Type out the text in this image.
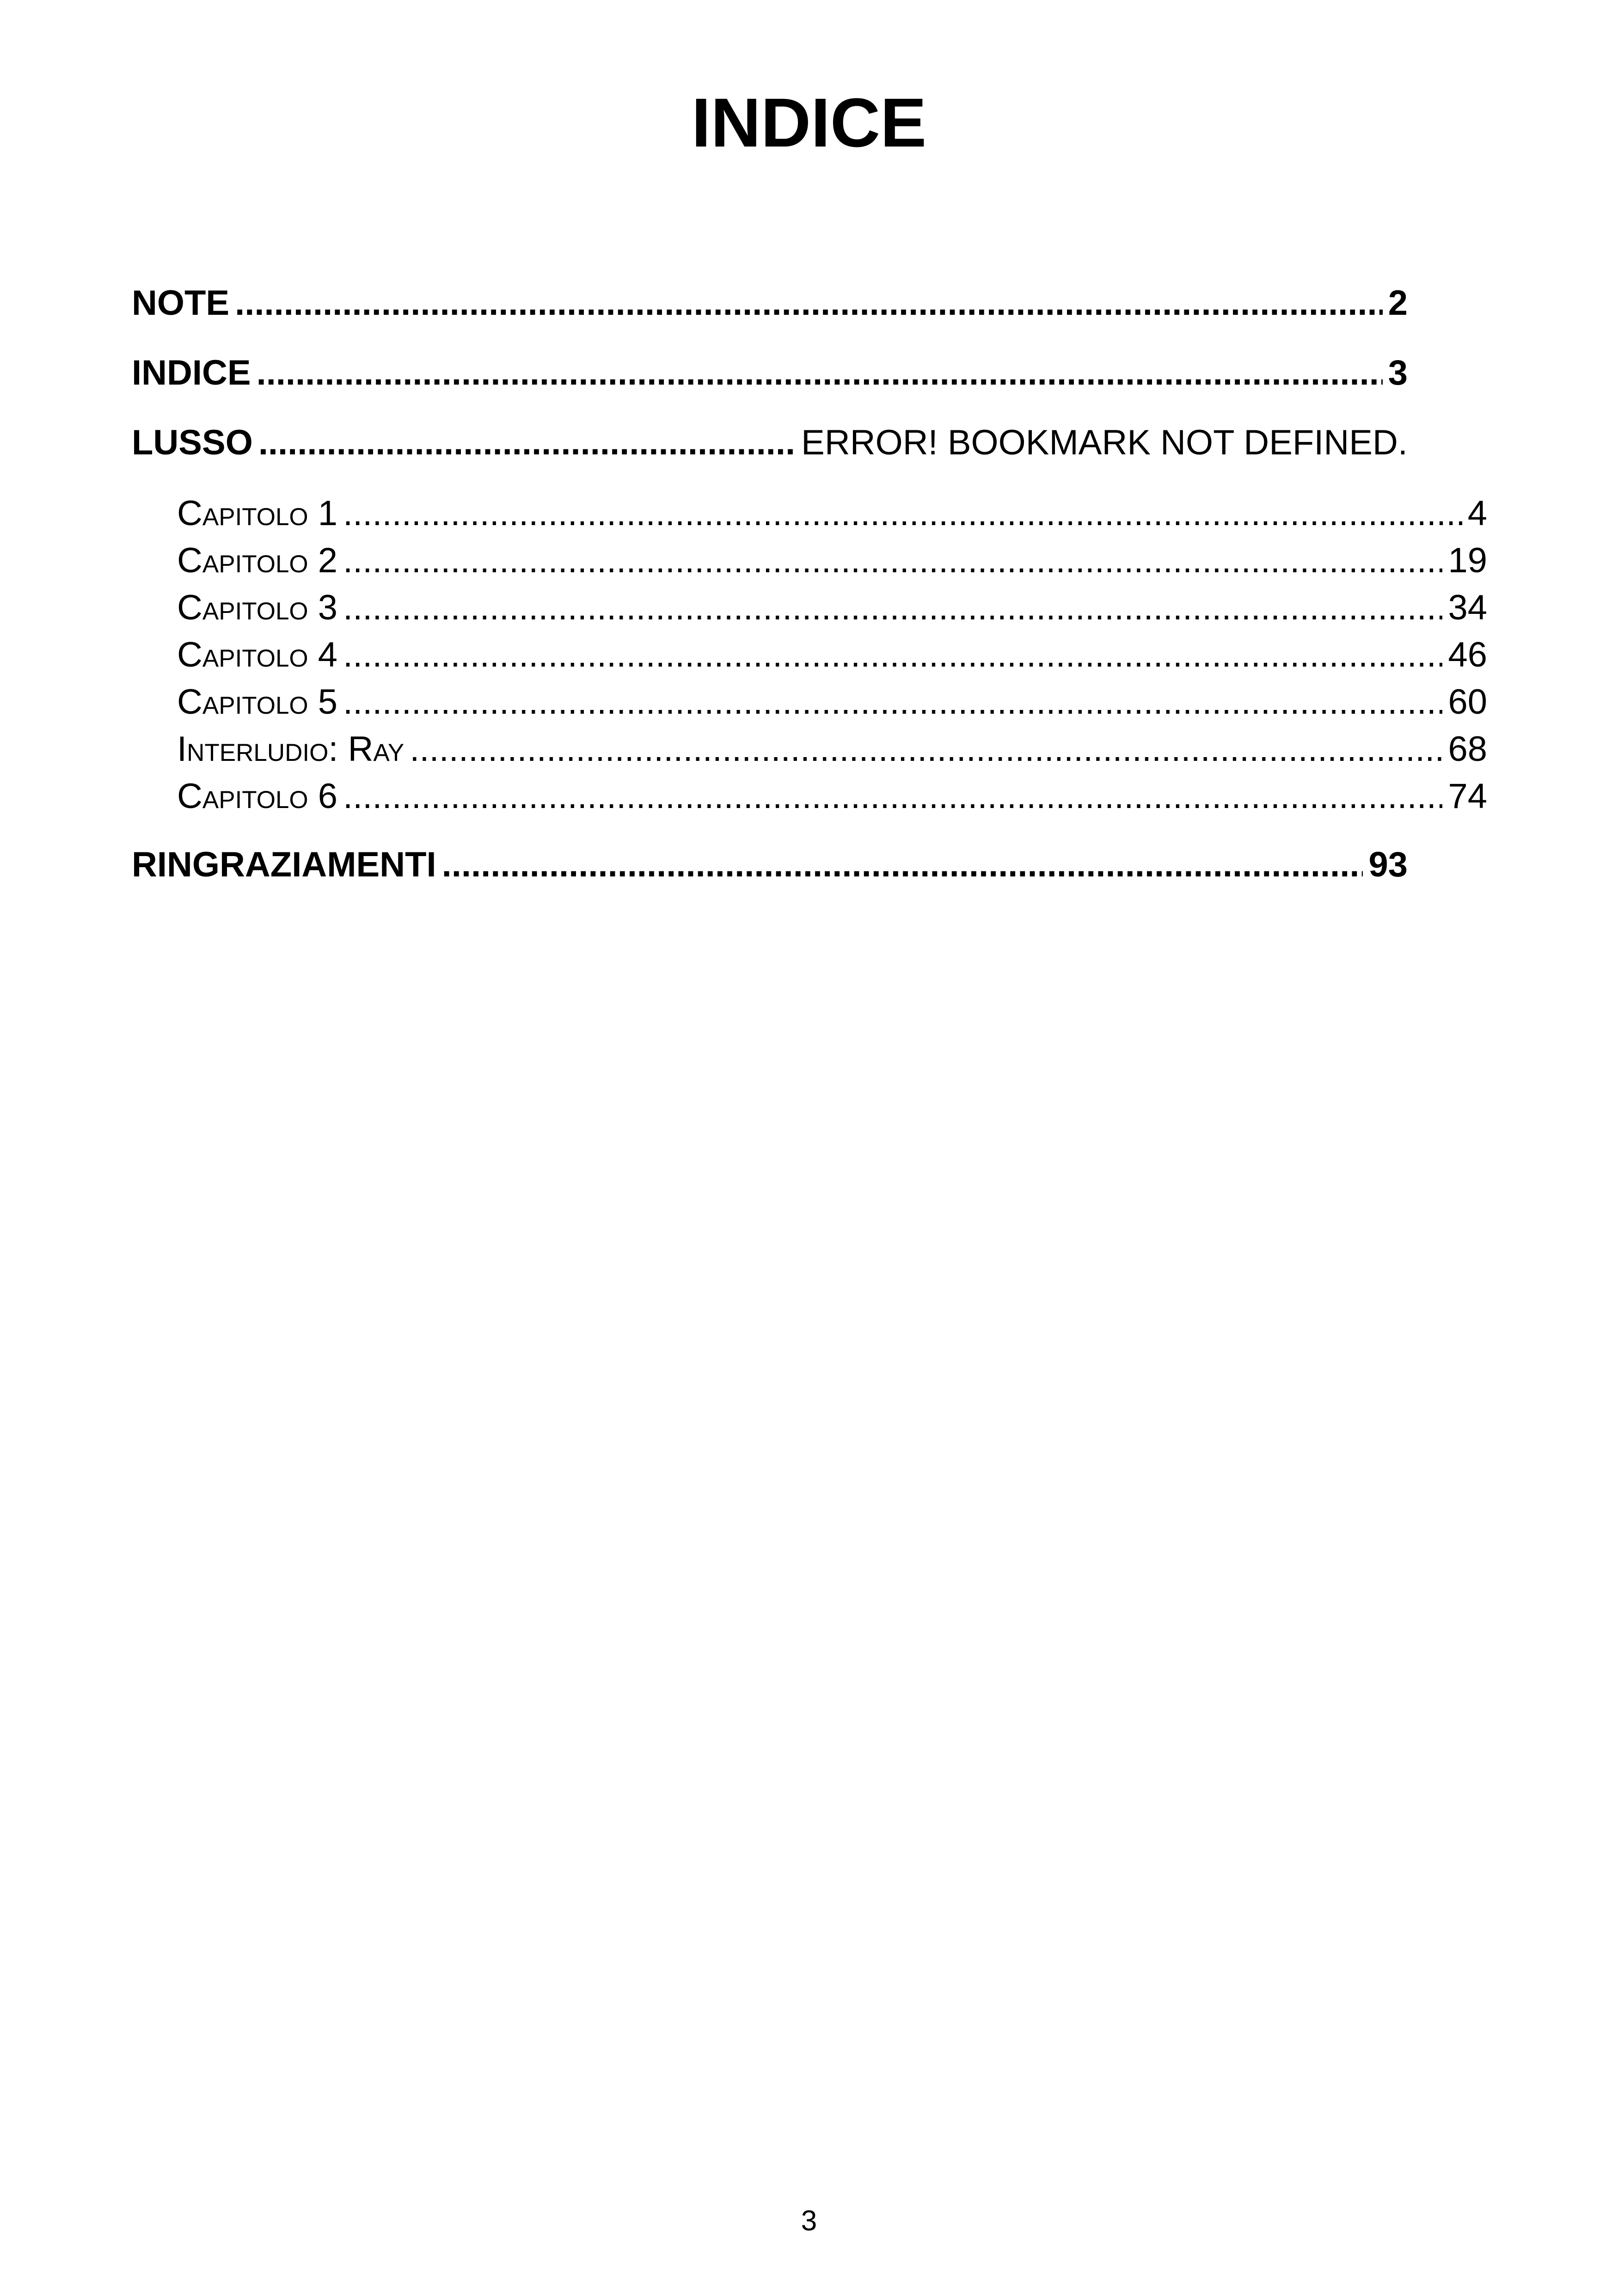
INDICE
NOTE .....	2
INDICE .....	3
LUSSO .....	ERROR! BOOKMARK NOT DEFINED.
Capitolo 1 .....	4
Capitolo 2 .....	19
Capitolo 3 .....	34
Capitolo 4 .....	46
Capitolo 5 .....	60
Interludio: Ray .....	68
Capitolo 6 .....	74
RINGRAZIAMENTI .....	93
3
